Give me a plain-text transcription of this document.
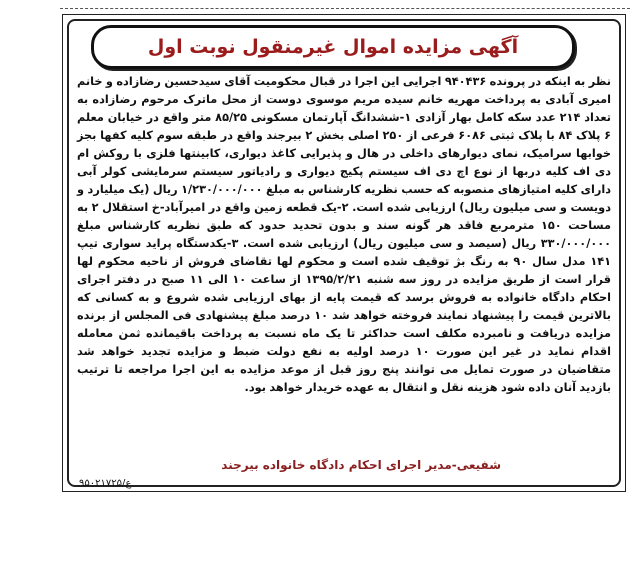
آگهی مزایده اموال غیرمنقول نوبت اول
نظر به اینکه در پرونده ۹۴۰۴۳۶ اجرایی این اجرا در قبال محکومیت آقای سیدحسین رضازاده و خانم امیری آبادی به پرداخت مهریه خانم سیده مریم موسوی دوست از محل ماترک مرحوم رضازاده به تعداد ۲۱۴ عدد سکه کامل بهار آزادی ۱-ششدانگ آپارتمان مسکونی ۸۵/۲۵ متر واقع در خیابان معلم ۶ پلاک ۸۴ با پلاک ثبتی ۶۰۸۶ فرعی از ۲۵۰ اصلی بخش ۲ بیرجند واقع در طبقه سوم کلیه کفها بجز خوابها سرامیک، نمای دیوارهای داخلی در هال و پذیرایی کاغذ دیواری، کابینتها فلزی با روکش ام دی اف کلیه دربها از نوع اچ دی اف سیستم پکیج دیواری و رادیاتور سیستم سرمایشی کولر آبی دارای کلیه امتیازهای منصوبه که حسب نظریه کارشناس به مبلغ ۱/۲۳۰/۰۰۰/۰۰۰ ریال (یک میلیارد و دویست و سی میلیون ریال) ارزیابی شده است. ۲-یک قطعه زمین واقع در امیرآباد-خ استقلال ۲ به مساحت ۱۵۰ مترمربع فاقد هر گونه سند و بدون تحدید حدود که طبق نظریه کارشناس مبلغ ۳۳۰/۰۰۰/۰۰۰ ریال (سیصد و سی میلیون ریال) ارزیابی شده است. ۳-یکدستگاه پراید سواری تیپ ۱۴۱ مدل سال ۹۰ به رنگ بژ توقیف شده است و محکوم لها تقاضای فروش از ناحیه محکوم لها قرار است از طریق مزایده در روز سه شنبه ۱۳۹۵/۲/۲۱ از ساعت ۱۰ الی ۱۱ صبح در دفتر اجرای احکام دادگاه خانواده به فروش برسد که قیمت پایه از بهای ارزیابی شده شروع و به کسانی که بالاترین قیمت را پیشنهاد نمایند فروخته خواهد شد ۱۰ درصد مبلغ پیشنهادی فی المجلس از برنده مزایده دریافت و نامبرده مکلف است حداکثر تا یک ماه نسبت به پرداخت باقیمانده ثمن معامله اقدام نماید در غیر این صورت ۱۰ درصد اولیه به نفع دولت ضبط و مزایده تجدید خواهد شد متقاضیان در صورت تمایل می توانند پنج روز قبل از موعد مزایده به این اجرا مراجعه تا ترتیب بازدید آنان داده شود هزینه نقل و انتقال به عهده خریدار خواهد بود.
شفیعی-مدیر اجرای احکام دادگاه خانواده بیرجند
ع/۹۵۰۲۱۷۲۵
